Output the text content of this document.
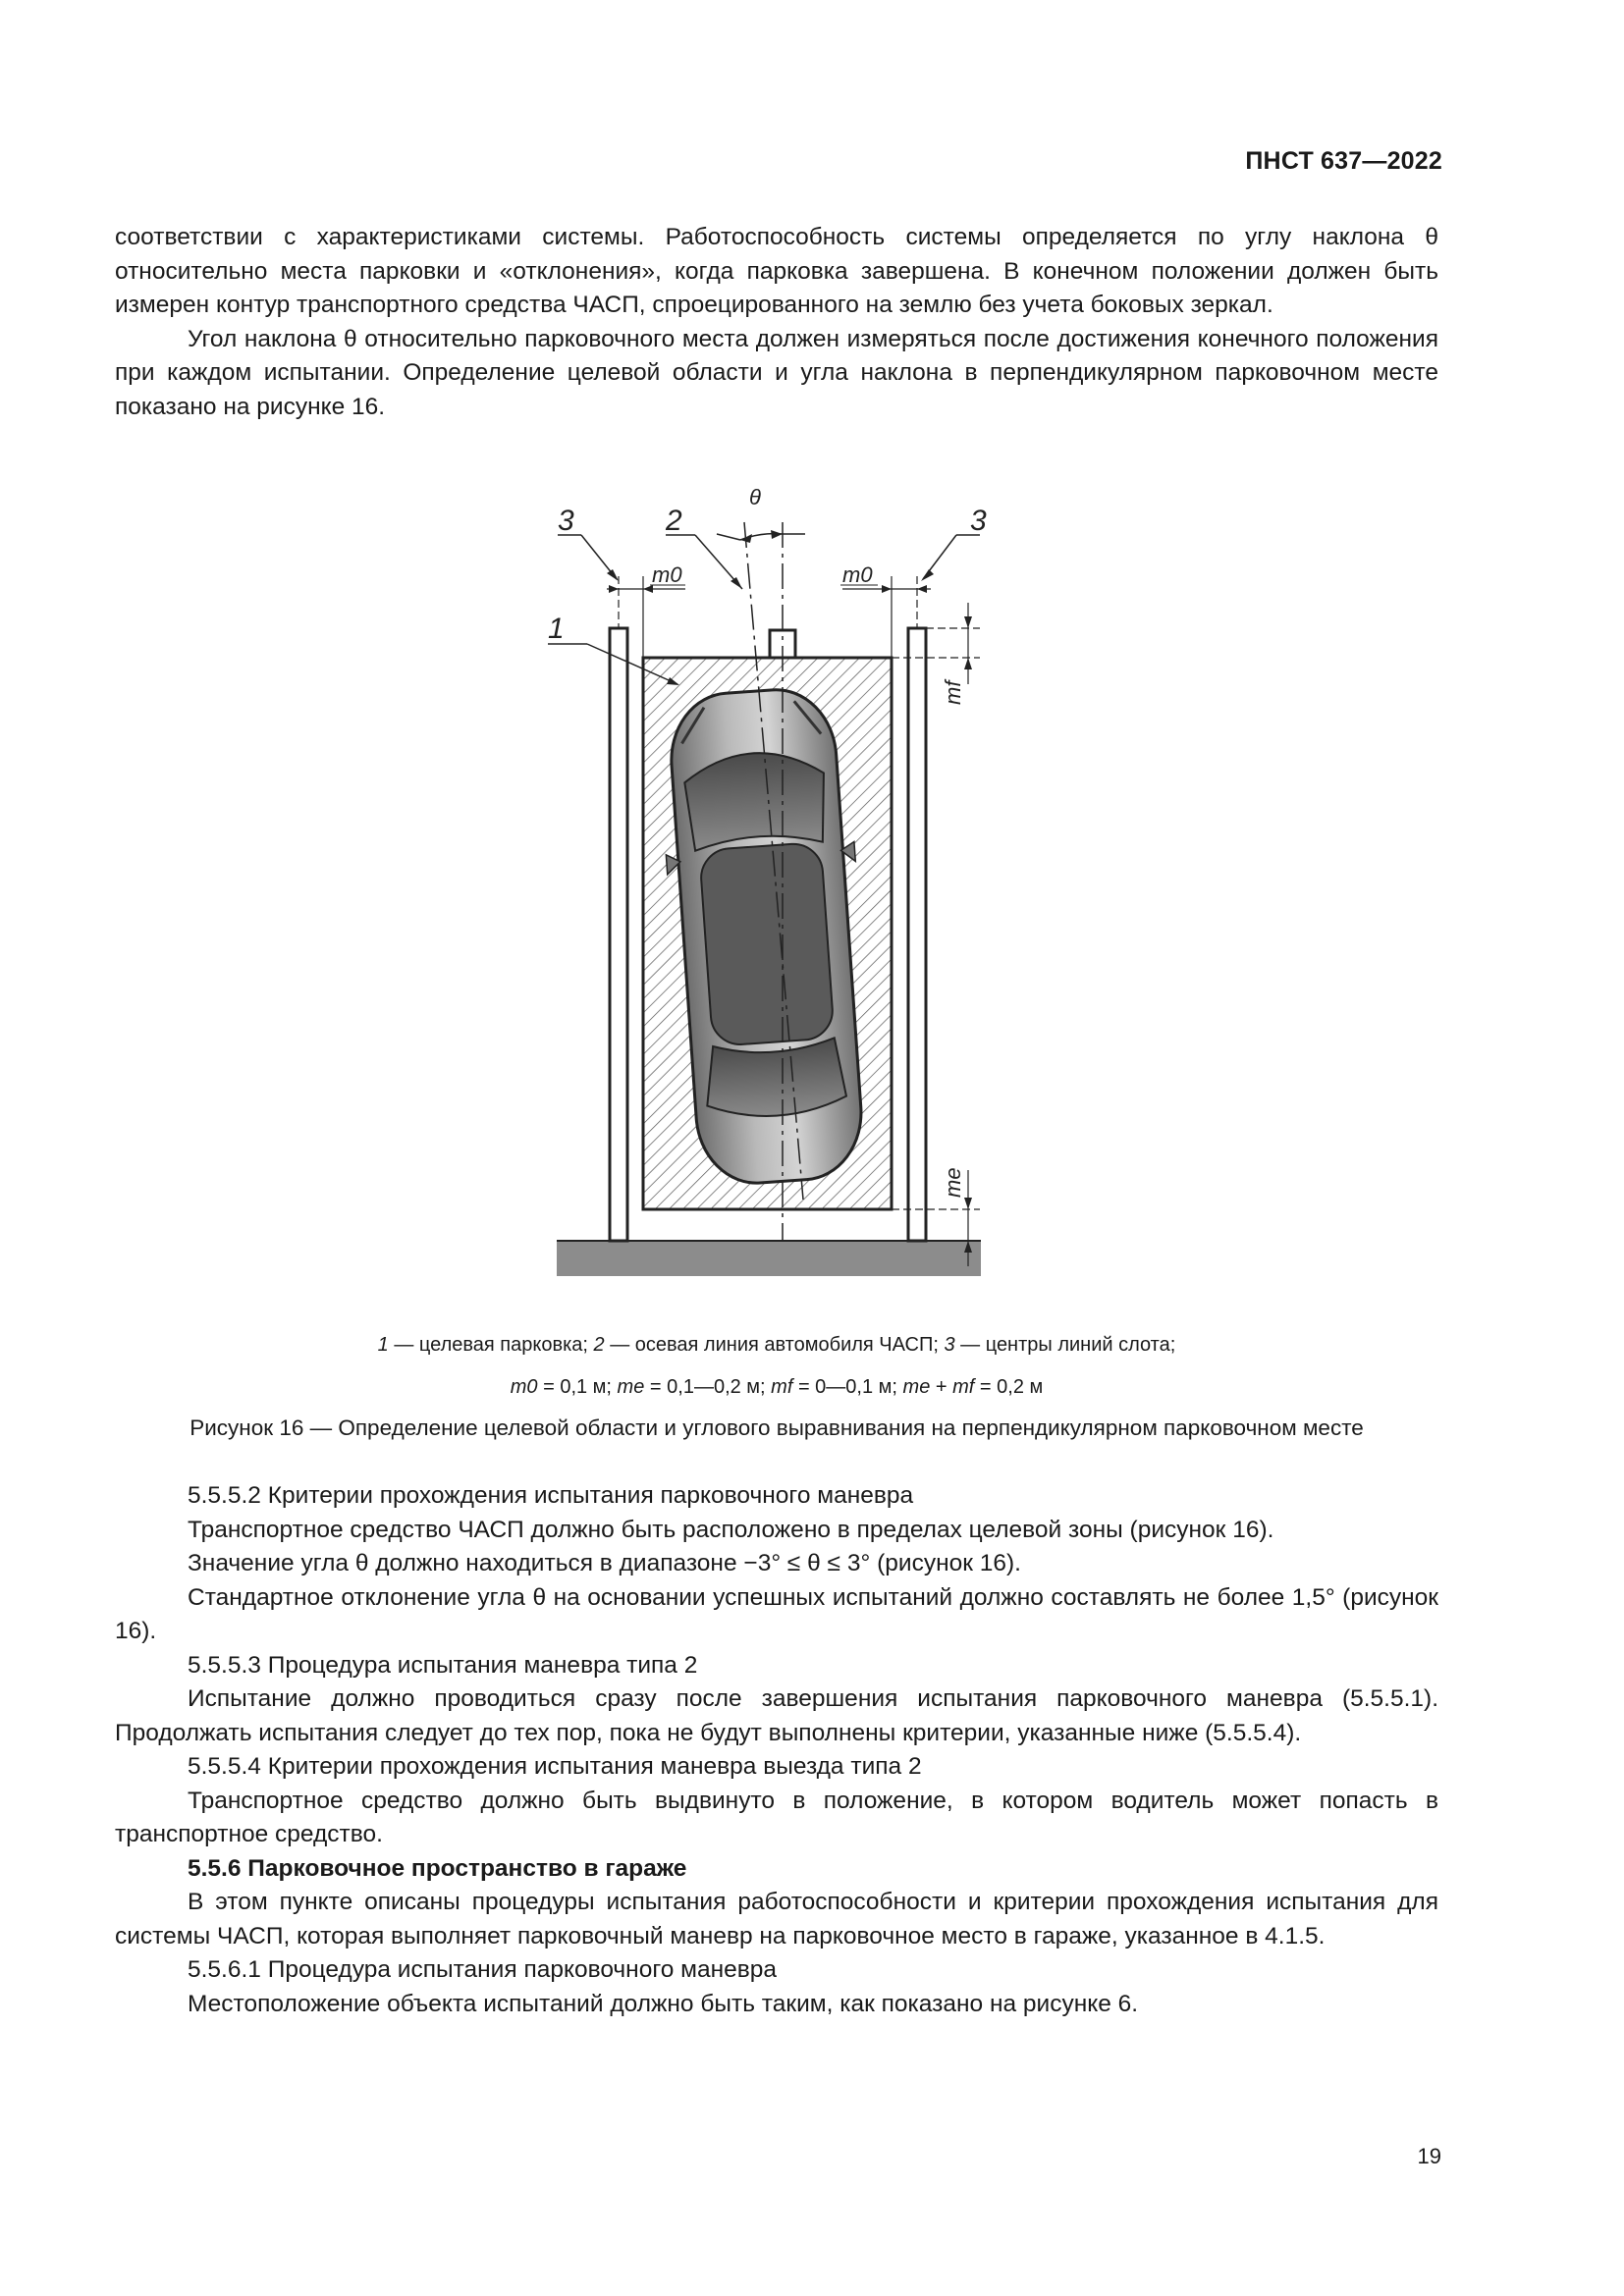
ПНСТ 637—2022

соответствии с характеристиками системы. Работоспособность системы определяется по углу наклона θ относительно места парковки и «отклонения», когда парковка завершена. В конечном положении должен быть измерен контур транспортного средства ЧАСП, спроецированного на землю без учета боковых зеркал.

Угол наклона θ относительно парковочного места должен измеряться после достижения конечного положения при каждом испытании. Определение целевой области и угла наклона в перпендикулярном парковочном месте показано на рисунке 16.

θ
2
3	3
m0	m0
mf
me
1
1 — целевая парковка; 2 — осевая линия автомобиля ЧАСП; 3 — центры линий слота;
m0 = 0,1 м; me = 0,1—0,2 м; mf = 0—0,1 м; me + mf = 0,2 м
Рисунок 16 — Определение целевой области и углового выравнивания на перпендикулярном парковочном месте

5.5.5.2 Критерии прохождения испытания парковочного маневра

Транспортное средство ЧАСП должно быть расположено в пределах целевой зоны (рисунок 16).

Значение угла θ должно находиться в диапазоне −3° ≤ θ ≤ 3° (рисунок 16).

Стандартное отклонение угла θ на основании успешных испытаний должно составлять не более 1,5° (рисунок 16).

5.5.5.3 Процедура испытания маневра типа 2

Испытание должно проводиться сразу после завершения испытания парковочного маневра (5.5.5.1). Продолжать испытания следует до тех пор, пока не будут выполнены критерии, указанные ниже (5.5.5.4).

5.5.5.4 Критерии прохождения испытания маневра выезда типа 2

Транспортное средство должно быть выдвинуто в положение, в котором водитель может попасть в транспортное средство.

5.5.6 Парковочное пространство в гараже

В этом пункте описаны процедуры испытания работоспособности и критерии прохождения испытания для системы ЧАСП, которая выполняет парковочный маневр на парковочное место в гараже, указанное в 4.1.5.

5.5.6.1 Процедура испытания парковочного маневра

Местоположение объекта испытаний должно быть таким, как показано на рисунке 6.

19
